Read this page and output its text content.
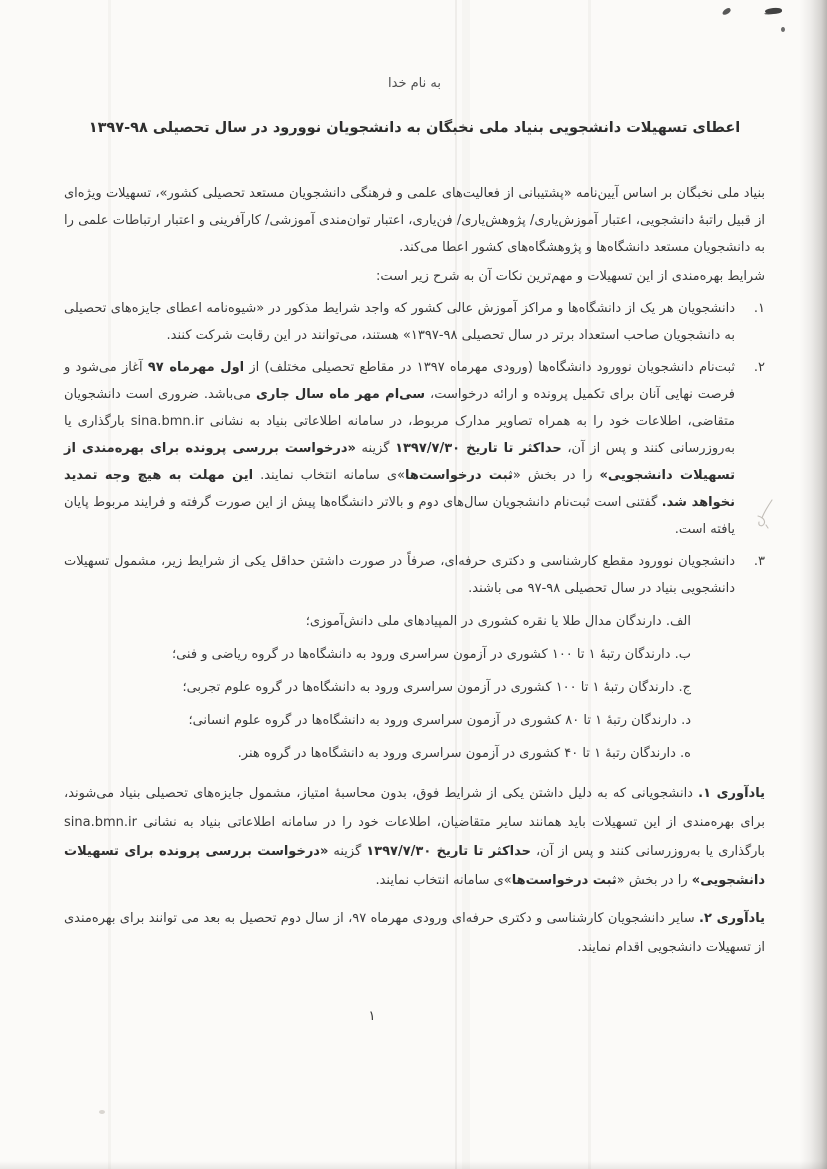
به نام خدا
اعطای تسهیلات دانشجویی بنیاد ملی نخبگان به دانشجویان نوورود در سال تحصیلی ۹۸-۱۳۹۷

بنیاد ملی نخبگان بر اساس آیین‌نامه «پشتیبانی از فعالیت‌های علمی و فرهنگی دانشجویان مستعد تحصیلی کشور»، تسهیلات ویژه‌ای از قبیل راتبهٔ دانشجویی، اعتبار آموزش‌یاری/ پژوهش‌یاری/ فن‌یاری، اعتبار توان‌مندی آموزشی/ کارآفرینی و اعتبار ارتباطات علمی را به دانشجویان مستعد دانشگاه‌ها و پژوهشگاه‌های کشور اعطا می‌کند.

شرایط بهره‌مندی از این تسهیلات و مهم‌ترین نکات آن به شرح زیر است:

۱.
دانشجویان هر یک از دانشگاه‌ها و مراکز آموزش عالی کشور که واجد شرایط مذکور در «شیوه‌نامه اعطای جایزه‌های تحصیلی به دانشجویان صاحب استعداد برتر در سال تحصیلی ۹۸-۱۳۹۷» هستند، می‌توانند در این رقابت شرکت کنند.
۲.
ثبت‌نام دانشجویان نوورود دانشگاه‌ها (ورودی مهرماه ۱۳۹۷ در مقاطع تحصیلی مختلف) از اول مهرماه ۹۷ آغاز می‌شود و فرصت نهایی آنان برای تکمیل پرونده و ارائه درخواست، سی‌ام مهر ماه سال جاری می‌باشد. ضروری است دانشجویان متقاضی، اطلاعات خود را به همراه تصاویر مدارک مربوط، در سامانه اطلاعاتی بنیاد به نشانی sina.bmn.ir بارگذاری یا به‌روزرسانی کنند و پس از آن، حداکثر تا تاریخ ۱۳۹۷/۷/۳۰ گزینه «درخواست بررسی پرونده برای بهره‌مندی از تسهیلات دانشجویی» را در بخش «ثبت درخواست‌ها»ی سامانه انتخاب نمایند. این مهلت به هیچ وجه تمدید نخواهد شد. گفتنی است ثبت‌نام دانشجویان سال‌های دوم و بالاتر دانشگاه‌ها پیش از این صورت گرفته و فرایند مربوط پایان یافته است.
۳.
دانشجویان نوورود مقطع کارشناسی و دکتری حرفه‌ای، صرفاً در صورت داشتن حداقل یکی از شرایط زیر، مشمول تسهیلات دانشجویی بنیاد در سال تحصیلی ۹۸-۹۷ می باشند.
الف. دارندگان مدال طلا یا نقره کشوری در المپیادهای ملی دانش‌آموزی؛
ب. دارندگان رتبهٔ ۱ تا ۱۰۰ کشوری در آزمون سراسری ورود به دانشگاه‌ها در گروه ریاضی و فنی؛
ج. دارندگان رتبهٔ ۱ تا ۱۰۰ کشوری در آزمون سراسری ورود به دانشگاه‌ها در گروه علوم تجربی؛
د. دارندگان رتبهٔ ۱ تا ۸۰ کشوری در آزمون سراسری ورود به دانشگاه‌ها در گروه علوم انسانی؛
ه. دارندگان رتبهٔ ۱ تا ۴۰ کشوری در آزمون سراسری ورود به دانشگاه‌ها در گروه هنر.

یادآوری ۱. دانشجویانی که به دلیل داشتن یکی از شرایط فوق، بدون محاسبهٔ امتیاز، مشمول جایزه‌های تحصیلی بنیاد می‌شوند، برای بهره‌مندی از این تسهیلات باید همانند سایر متقاضیان، اطلاعات خود را در سامانه اطلاعاتی بنیاد به نشانی sina.bmn.ir بارگذاری یا به‌روزرسانی کنند و پس از آن، حداکثر تا تاریخ ۱۳۹۷/۷/۳۰ گزینه «درخواست بررسی پرونده برای تسهیلات دانشجویی» را در بخش «ثبت درخواست‌ها»ی سامانه انتخاب نمایند.

یادآوری ۲. سایر دانشجویان کارشناسی و دکتری حرفه‌ای ورودی مهرماه ۹۷، از سال دوم تحصیل به بعد می توانند برای بهره‌مندی از تسهیلات دانشجویی اقدام نمایند.

۱
